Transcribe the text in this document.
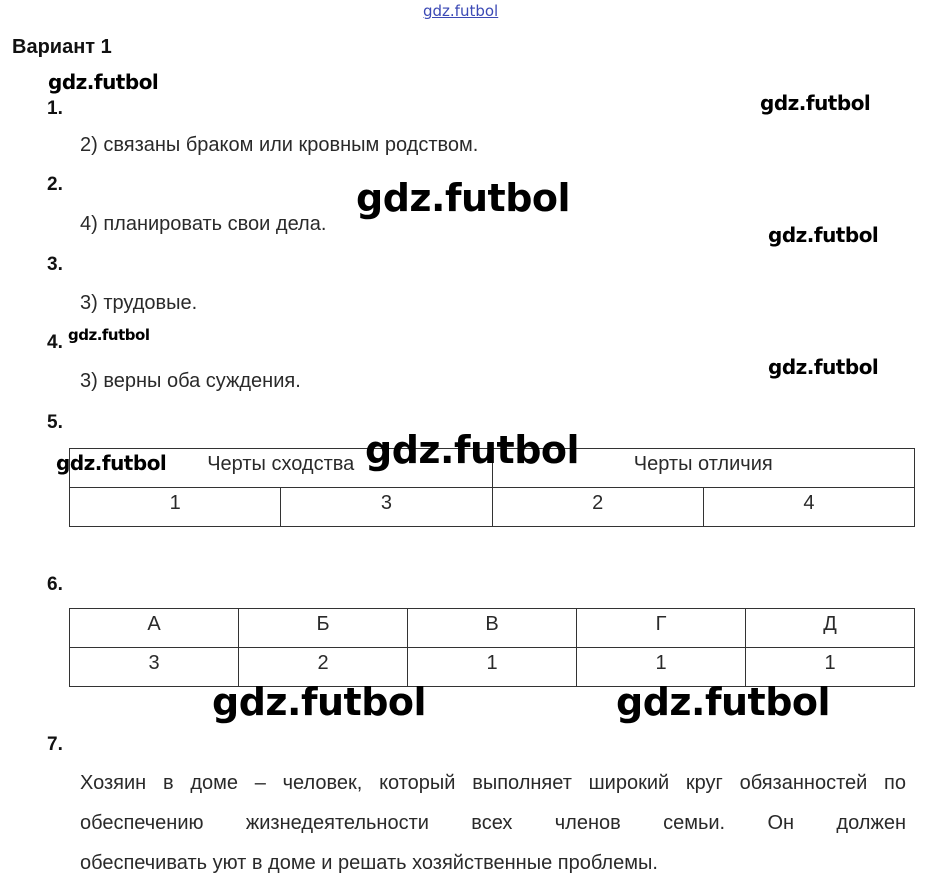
gdz.futbol
Вариант 1
1.
2) связаны браком или кровным родством.
2.
4) планировать свои дела.
3.
3) трудовые.
4.
3) верны оба суждения.
5.
Черты сходства		Черты отличия	
1	3	2	4
6.
А	Б	В	Г	Д
3	2	1	1	1
7.
Хозяин в доме – человек, который выполняет широкий круг обязанностей по
обеспечению жизнедеятельности всех членов семьи. Он должен
обеспечивать уют в доме и решать хозяйственные проблемы.
gdz.futbol
gdz.futbol
gdz.futbol
gdz.futbol
gdz.futbol
gdz.futbol
gdz.futbol
gdz.futbol
gdz.futbol	gdz.futbol
